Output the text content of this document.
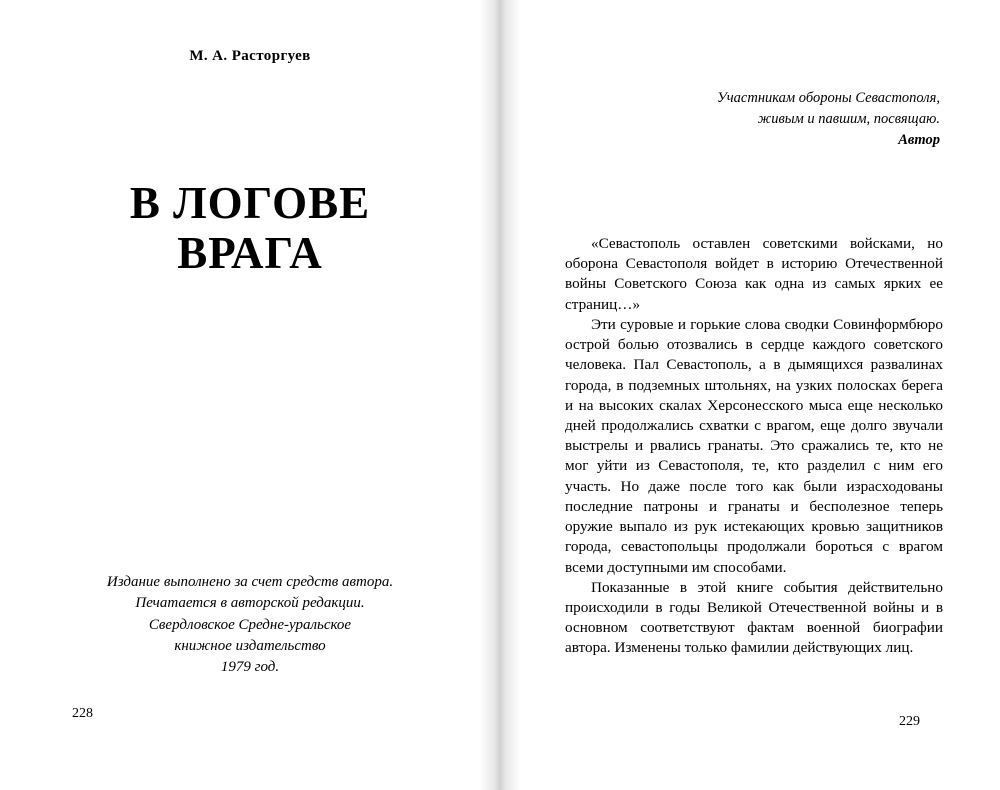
М. А. Расторгуев
В ЛОГОВЕ
ВРАГА
Издание выполнено за счет средств автора.
Печатается в авторской редакции.
Свердловское Средне-уральское
книжное издательство
1979 год.
228
Участникам обороны Севастополя,
живым и павшим, посвящаю.
Автор

«Севастополь оставлен советскими войсками, но оборона Севастополя войдет в историю Отечественной войны Советского Союза как одна из самых ярких ее страниц…»

Эти суровые и горькие слова сводки Совинформбюро острой болью отозвались в сердце каждого советского человека. Пал Севастополь, а в дымящихся развалинах города, в подземных штольнях, на узких полосках берега и на высоких скалах Херсонесского мыса еще несколько дней продолжались схватки с врагом, еще долго звучали выстрелы и рвались гранаты. Это сражались те, кто не мог уйти из Севастополя, те, кто разделил с ним его участь. Но даже после того как были израсходованы последние патроны и гранаты и бесполезное теперь оружие выпало из рук истекающих кровью защитников города, севастопольцы продолжали бороться с врагом всеми доступными им способами.

Показанные в этой книге события действительно происходили в годы Великой Отечественной войны и в основном соответствуют фактам военной биографии автора. Изменены только фамилии действующих лиц.

229
